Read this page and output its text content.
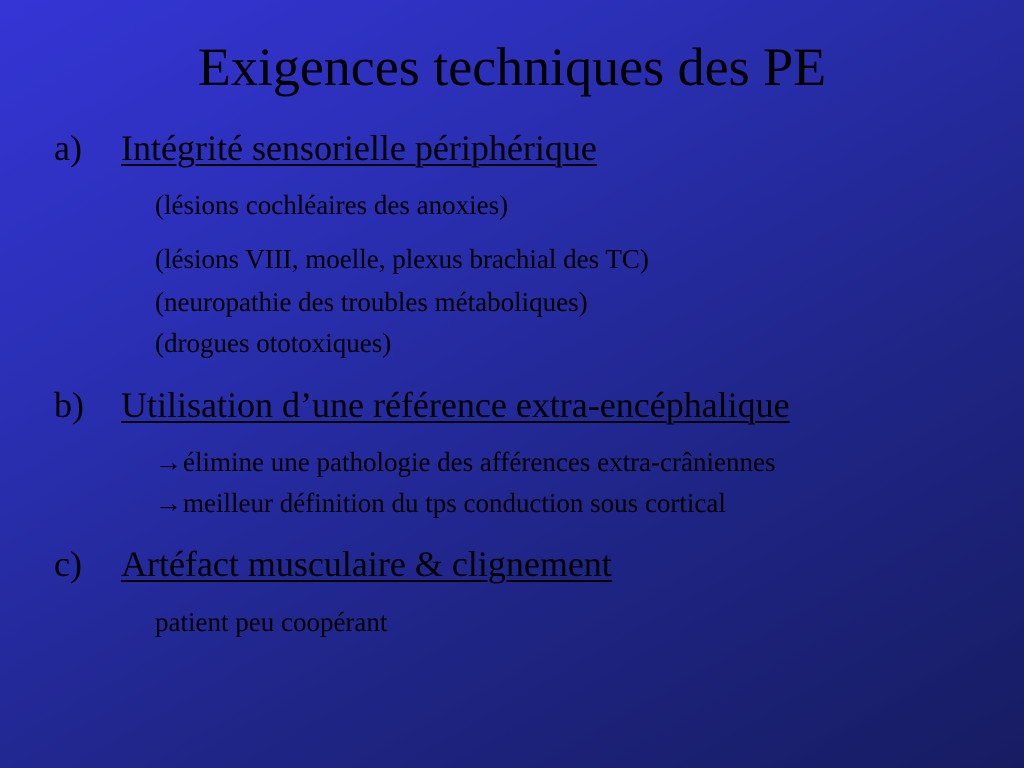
Exigences techniques des PE
a) Intégrité sensorielle périphérique
(lésions cochléaires des anoxies)
(lésions VIII, moelle, plexus brachial des TC)
(neuropathie des troubles métaboliques)
(drogues ototoxiques)
b) Utilisation d’une référence extra-encéphalique
→élimine une pathologie des afférences extra-crâniennes
→meilleur définition du tps conduction sous cortical
c) Artéfact musculaire & clignement
patient peu coopérant
